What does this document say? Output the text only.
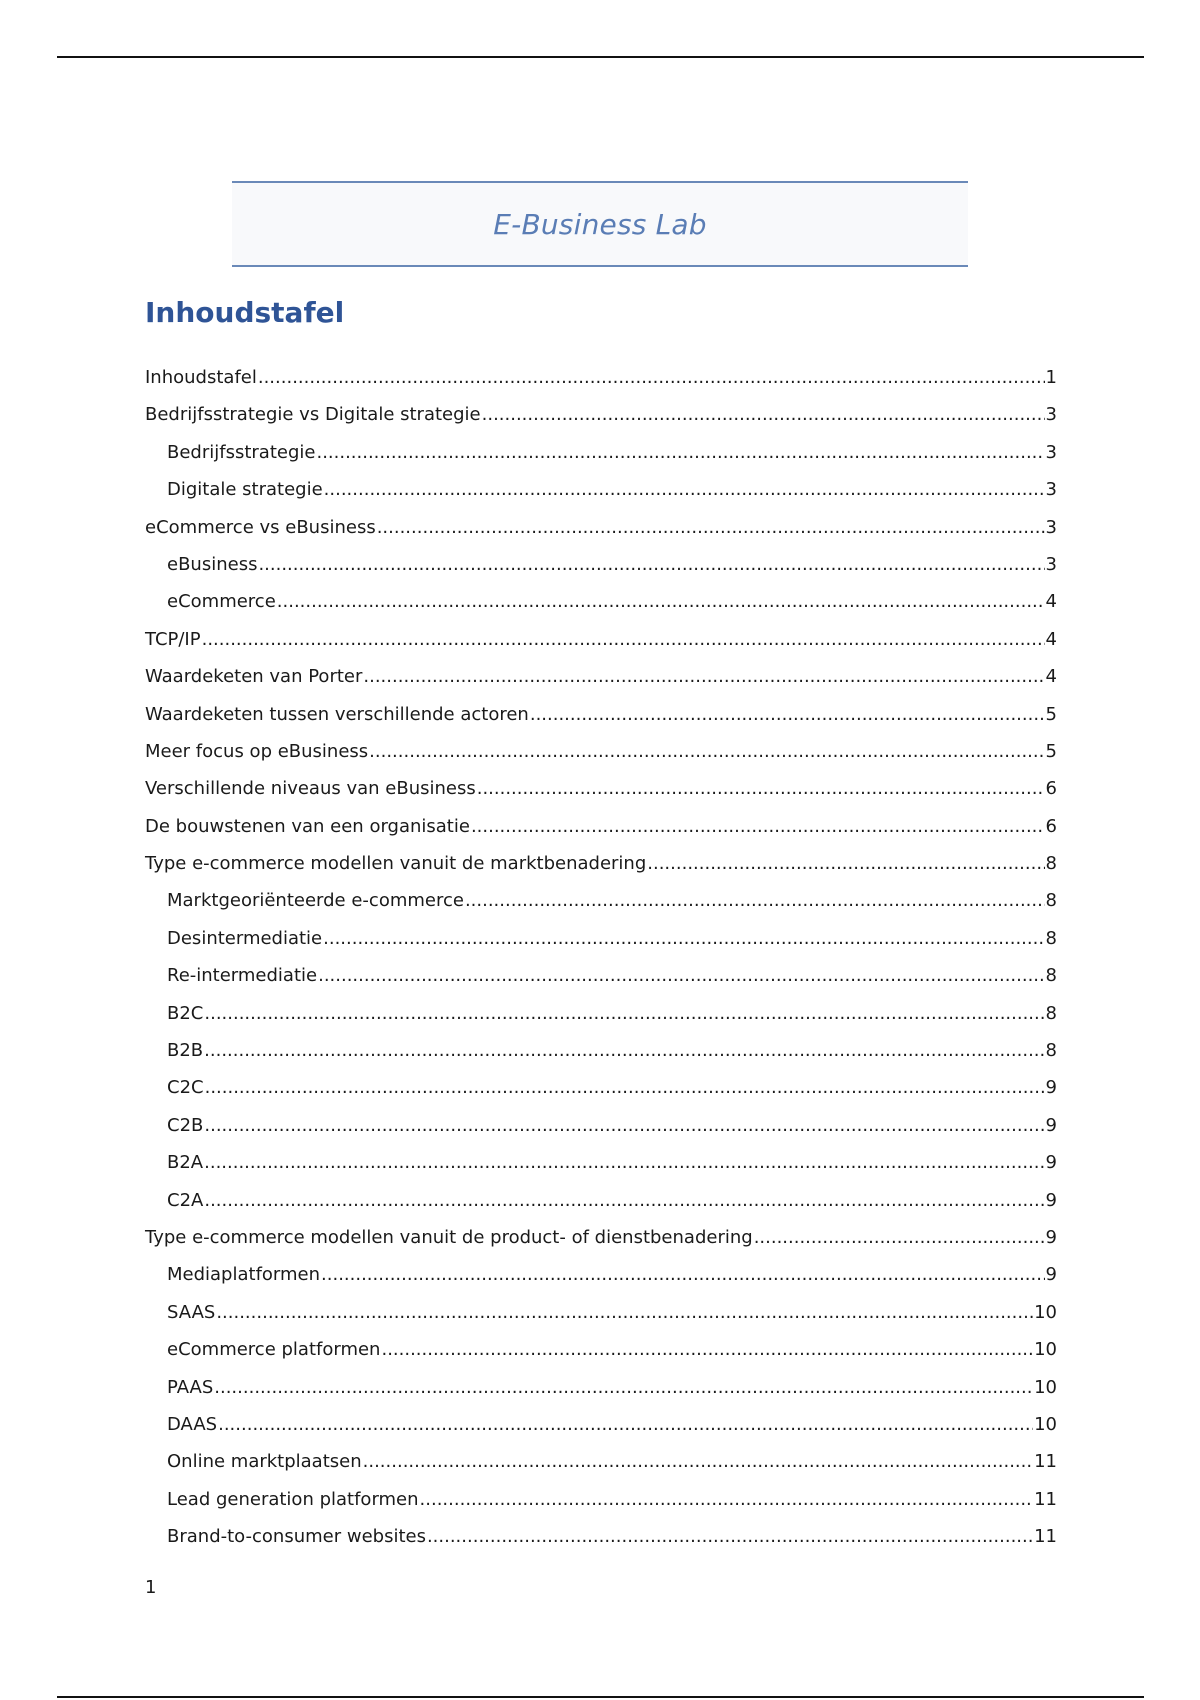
E-Business Lab
Inhoudstafel
Inhoudstafel .....	1
Bedrijfsstrategie vs Digitale strategie .....	3
Bedrijfsstrategie .....	3
Digitale strategie .....	3
eCommerce vs eBusiness .....	3
eBusiness .....	3
eCommerce .....	4
TCP/IP .....	4
Waardeketen van Porter .....	4
Waardeketen tussen verschillende actoren .....	5
Meer focus op eBusiness .....	5
Verschillende niveaus van eBusiness .....	6
De bouwstenen van een organisatie .....	6
Type e-commerce modellen vanuit de marktbenadering .....	8
Marktgeoriënteerde e-commerce .....	8
Desintermediatie .....	8
Re-intermediatie .....	8
B2C .....	8
B2B .....	8
C2C .....	9
C2B .....	9
B2A .....	9
C2A .....	9
Type e-commerce modellen vanuit de product- of dienstbenadering .....	9
Mediaplatformen .....	9
SAAS .....	10
eCommerce platformen .....	10
PAAS .....	10
DAAS .....	10
Online marktplaatsen .....	11
Lead generation platformen .....	11
Brand-to-consumer websites .....	11
1
